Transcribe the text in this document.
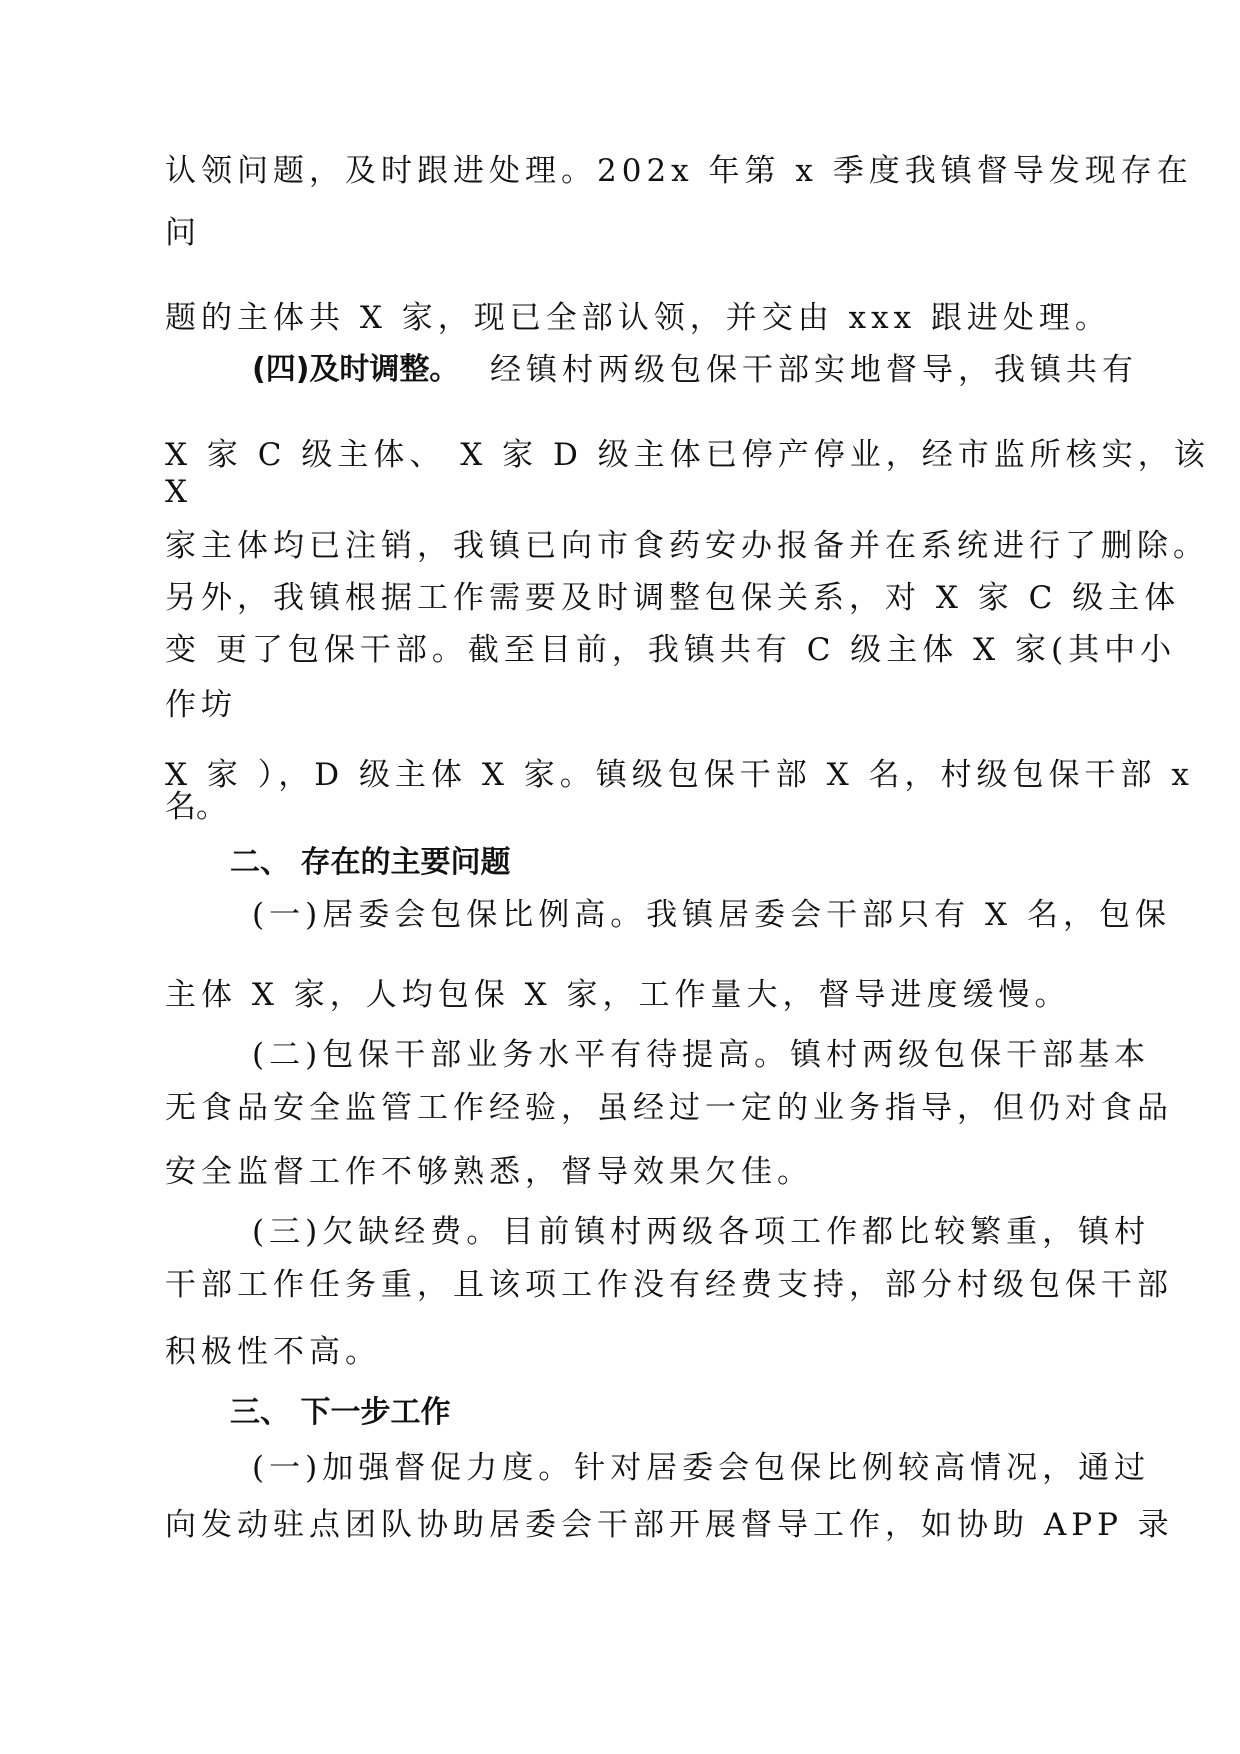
认领问题，及时跟进处理。202x 年第 x 季度我镇督导发现存在
问
题的主体共 X 家，现已全部认领，并交由 xxx 跟进处理。
(四)及时调整。 经镇村两级包保干部实地督导，我镇共有
X 家 C 级主体、 X 家 D 级主体已停产停业，经市监所核实，该
X
家主体均已注销，我镇已向市食药安办报备并在系统进行了删除。
另外，我镇根据工作需要及时调整包保关系，对 X 家 C 级主体
变 更了包保干部。截至目前，我镇共有 C 级主体 X 家(其中小
作坊
X 家 ），D 级主体 X 家。镇级包保干部 X 名，村级包保干部 x
名。
二、 存在的主要问题
(一)居委会包保比例高。我镇居委会干部只有 X 名，包保
主体 X 家，人均包保 X 家，工作量大，督导进度缓慢。
(二)包保干部业务水平有待提高。镇村两级包保干部基本
无食品安全监管工作经验，虽经过一定的业务指导，但仍对食品
安全监督工作不够熟悉，督导效果欠佳。
(三)欠缺经费。目前镇村两级各项工作都比较繁重，镇村
干部工作任务重，且该项工作没有经费支持，部分村级包保干部
积极性不高。
三、 下一步工作
(一)加强督促力度。针对居委会包保比例较高情况，通过
向发动驻点团队协助居委会干部开展督导工作，如协助 APP 录
